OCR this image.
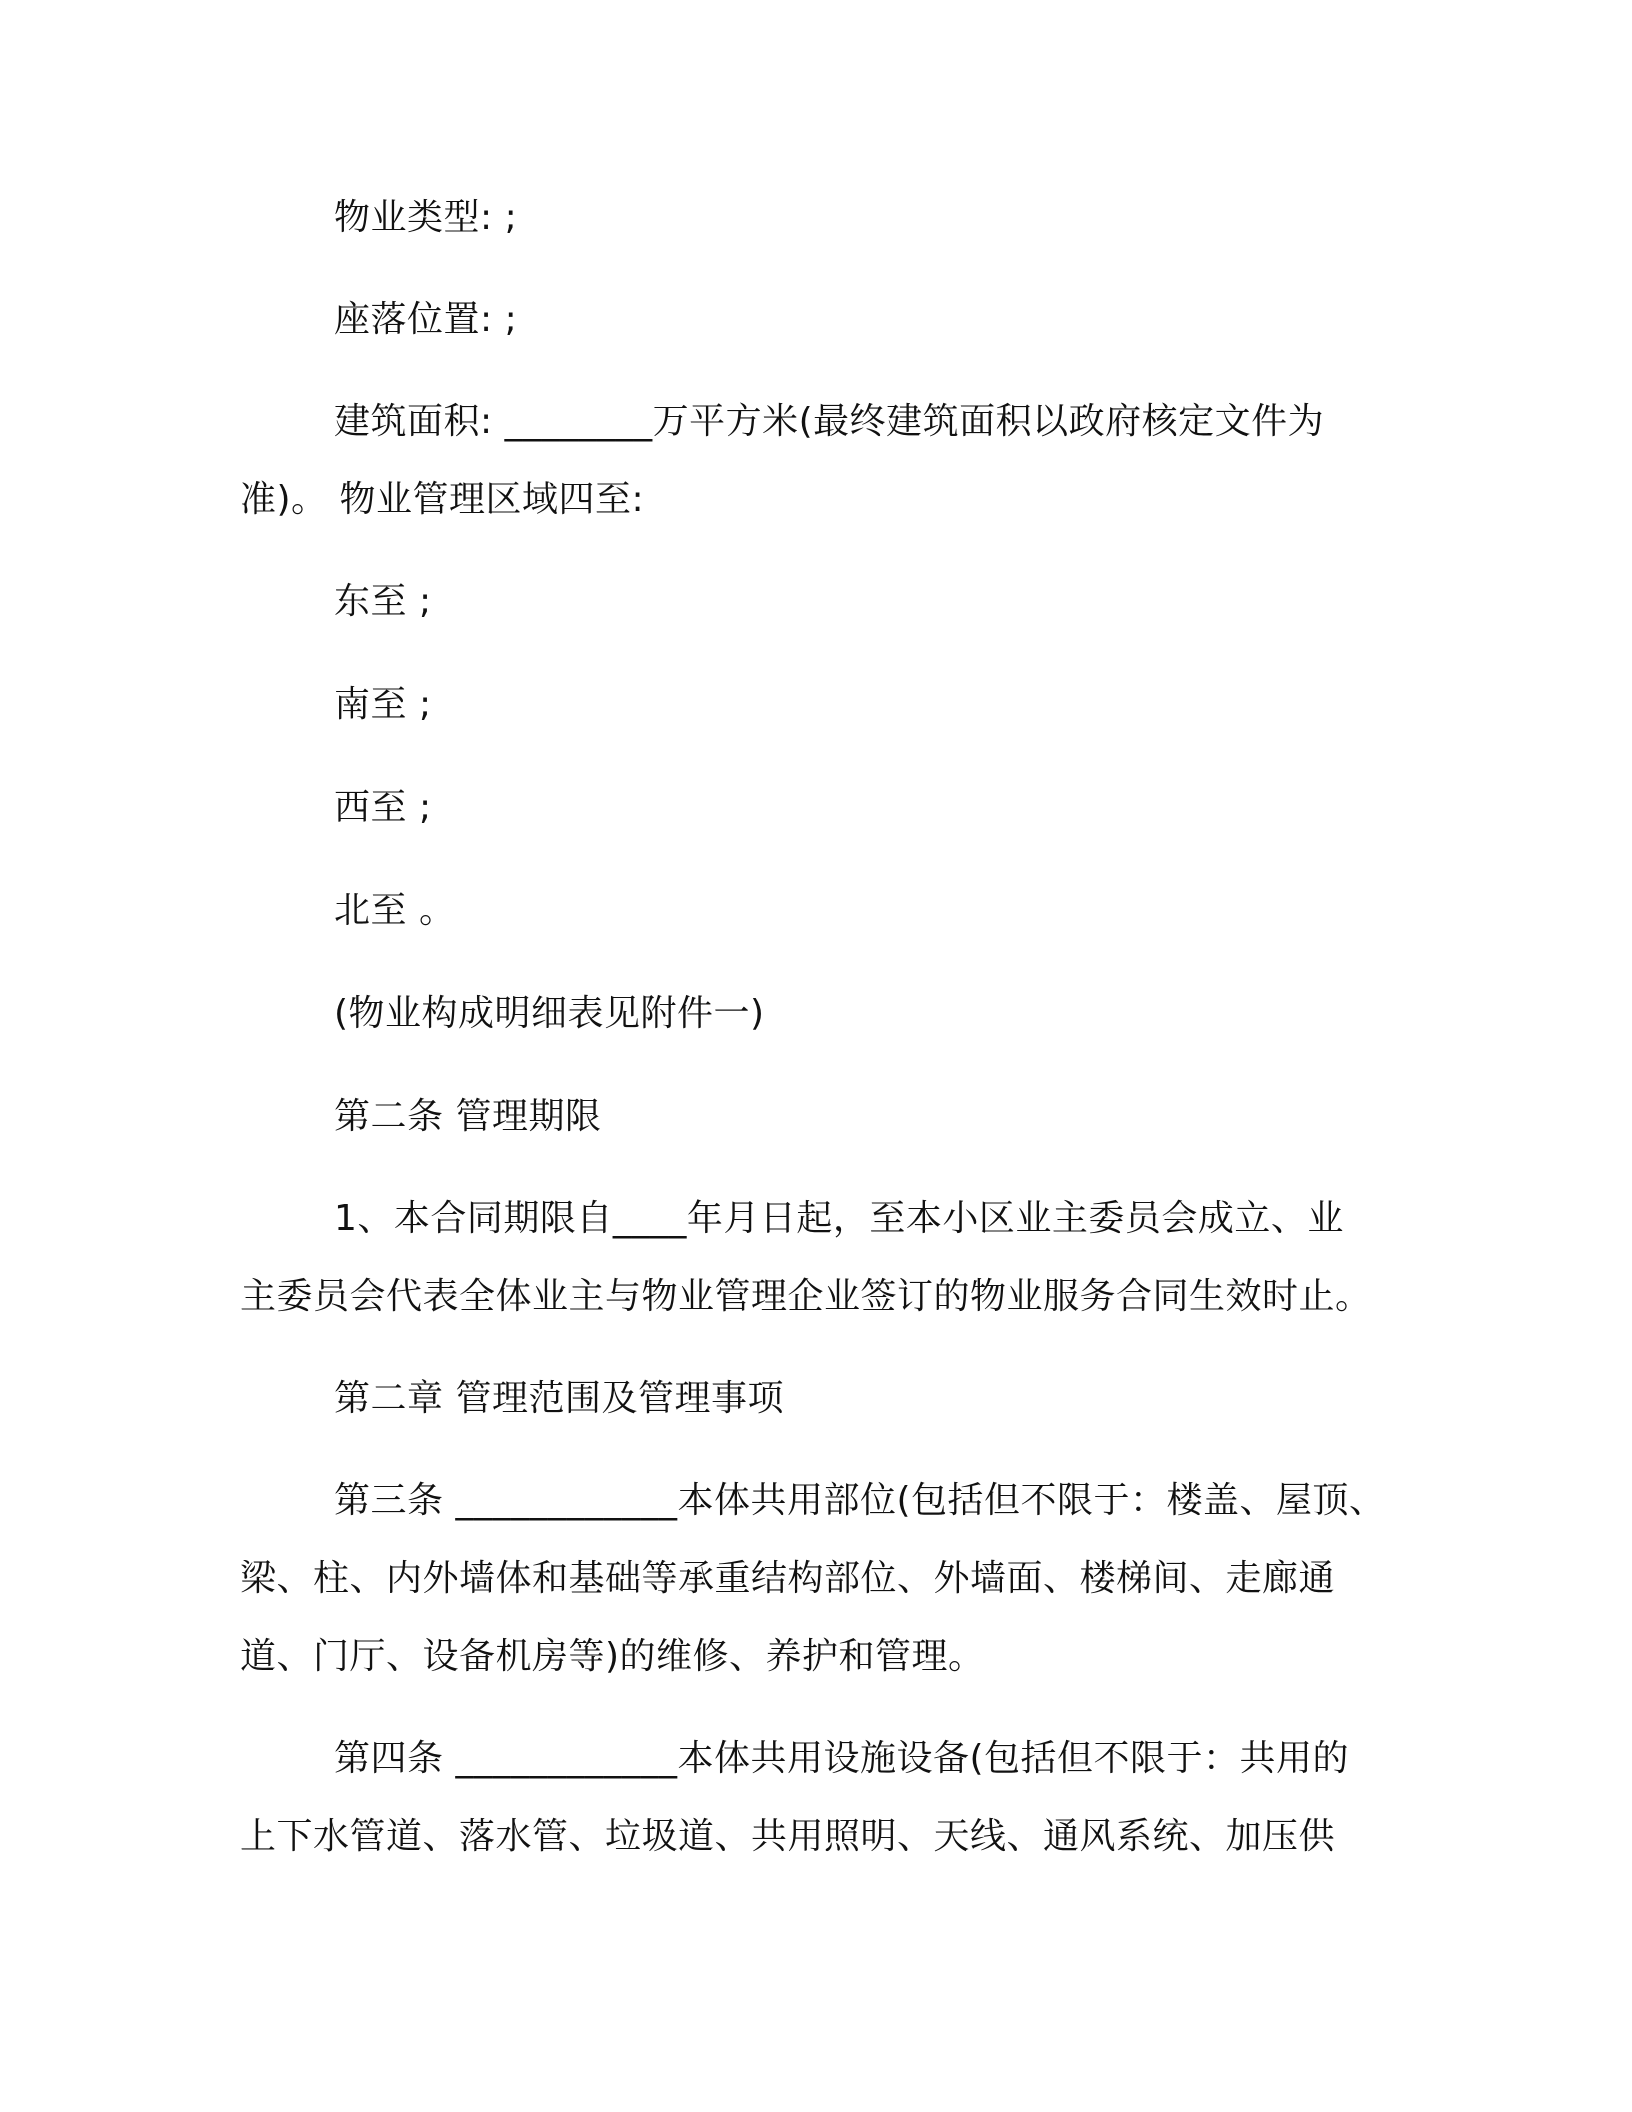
物业类型: ;
座落位置: ;
建筑面积: ________万平方米(最终建筑面积以政府核定文件为
准)。 物业管理区域四至:
东至 ;
南至 ;
西至 ;
北至 。
(物业构成明细表见附件一)
第二条 管理期限
1、本合同期限自____年月日起，至本小区业主委员会成立、业
主委员会代表全体业主与物业管理企业签订的物业服务合同生效时止。
第二章 管理范围及管理事项
第三条 ____________本体共用部位(包括但不限于：楼盖、屋顶、
梁、柱、内外墙体和基础等承重结构部位、外墙面、楼梯间、走廊通
道、门厅、设备机房等)的维修、养护和管理。
第四条 ____________本体共用设施设备(包括但不限于：共用的
上下水管道、落水管、垃圾道、共用照明、天线、通风系统、加压供
